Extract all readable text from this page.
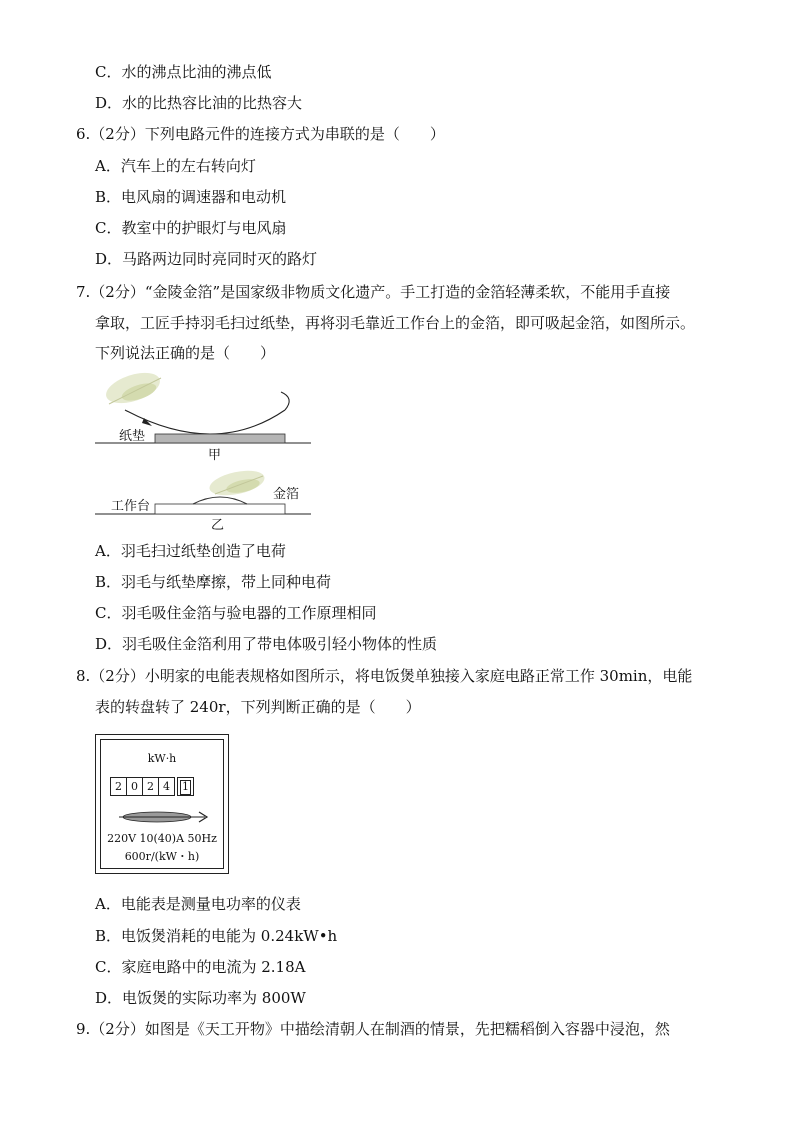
C．水的沸点比油的沸点低
D．水的比热容比油的比热容大
6.（2分）下列电路元件的连接方式为串联的是（　　）
A．汽车上的左右转向灯
B．电风扇的调速器和电动机
C．教室中的护眼灯与电风扇
D．马路两边同时亮同时灭的路灯
7.（2分）“金陵金箔”是国家级非物质文化遗产。手工打造的金箔轻薄柔软，不能用手直接
拿取，工匠手持羽毛扫过纸垫，再将羽毛靠近工作台上的金箔，即可吸起金箔，如图所示。
下列说法正确的是（　　）
纸垫
甲
工作台
金箔
乙
A．羽毛扫过纸垫创造了电荷
B．羽毛与纸垫摩擦，带上同种电荷
C．羽毛吸住金箔与验电器的工作原理相同
D．羽毛吸住金箔利用了带电体吸引轻小物体的性质
8.（2分）小明家的电能表规格如图所示，将电饭煲单独接入家庭电路正常工作 30min，电能
表的转盘转了 240r，下列判断正确的是（　　）
kW·h
2 0 2 4	1
220V 10(40)A 50Hz
600r/(kW・h)
A．电能表是测量电功率的仪表
B．电饭煲消耗的电能为 0.24kW•h
C．家庭电路中的电流为 2.18A
D．电饭煲的实际功率为 800W
9.（2分）如图是《天工开物》中描绘清朝人在制酒的情景，先把糯稻倒入容器中浸泡，然
